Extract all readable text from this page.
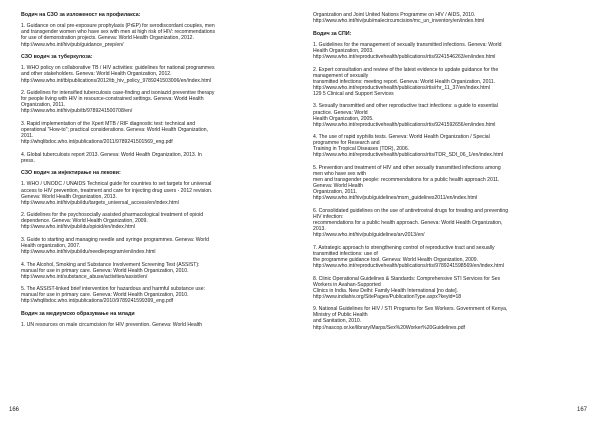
Водич на СЗО за изложеност на профилакса:

1. Guidance on oral pre-exposure prophylaxis (PrEP) for serodiscordant couples, men
and transgender women who have sex with men at high risk of HIV: recommendations
for use of demonstration projects. Geneva: World Health Organization, 2012.
http://www.who.int/hiv/pub/guidance_prep/en/

СЗО водич за туберкулоза:

1. WHO policy on collaborative TB / HIV activities: guidelines for national programmes
and other stakeholders. Geneva: World Health Organization, 2012.
http://www.who.int/tb/publications/2012/tb_hiv_policy_9789241503006/en/index.html

2. Guidelines for intensified tuberculosis case-finding and isoniazid preventive therapy
for people living with HIV in resource-constrained settings. Geneva: World Health
Organization, 2011.
http://www.who.int/hiv/pub/tb/9789241500708/en/

3. Rapid implementation of the Xpert MTB / RIF diagnostic test: technical and
operational "How-to"; practical considerations. Geneva: World Health Organization,
2011.
http://whqlibdoc.who.int/publications/2011/9789241501569_eng.pdf

4. Global tuberculosis report 2013. Geneva: World Health Organization, 2013. In
press.

СЗО водич за инјектирање на лекови:

1. WHO / UNODC / UNAIDS Technical guide for countries to set targets for universal
access to HIV prevention, treatment and care for injecting drug users - 2012 revision.
Geneva: World Health Organization, 2013.
http://www.who.int/hiv/pub/idu/targets_universal_access/en/index.html

2. Guidelines for the psychosocially assisted pharmacological treatment of opioid
dependence. Geneva: World Health Organization, 2009.
http://www.who.int/hiv/pub/idu/opioid/en/index.html

3. Guide to starting and managing needle and syringe programmes. Geneva: World
Health organization, 2007.
http://www.who.int/hiv/pub/idu/needleprogram/en/index.html

4. The Alcohol, Smoking and Substance Involvement Screening Test (ASSIST):
manual for use in primary care. Geneva: World Health Organization, 2010.
http://www.who.int/substance_abuse/activities/assist/en/

5. The ASSIST-linked brief intervention for hazardous and harmful substance use:
manual for use in primary care. Geneva: World Health Organization, 2010.
http://whqlibdoc.who.int/publications/2010/9789241599399_eng.pdf

Водич за медиумско образување на млади

1. UN resources on male circumcision for HIV prevention. Geneva: World Health

166

Organization and Joint United Nations Programme on HIV / AIDS, 2010.
http://www.who.int/hiv/pub/malecircumcision/mc_un_inventory/en/index.html

Водич за СПИ:

1. Guidelines for the management of sexually transmitted infections. Geneva: World
Health Organization, 2003.
http://www.who.int/reproductivehealth/publications/rtis/9241546263/en/index.html

2. Expert consultation and review of the latest evidence to update guidance for the
management of sexually
transmitted infections: meeting report. Geneva: World Health Organization, 2011.
http://www.who.int/reproductivehealth/publications/rtis/rhr_11_37/en/index.html
129 5 Clinical and Support Services

3. Sexually transmitted and other reproductive tract infections: a guide to essential
practice. Geneva: World
Health Organization, 2005.
http://www.who.int/reproductivehealth/publications/rtis/9241592656/en/index.html

4. The use of rapid syphilis tests. Geneva: World Health Organization / Special
programme for Research and
Training in Tropical Diseases (TDR), 2006.
http://www.who.int/reproductivehealth/publications/rtis/TDR_SDI_06_1/en/index.html

5. Prevention and treatment of HIV and other sexually transmitted infections among
men who have sex with
men and transgender people: recommendations for a public health approach 2011.
Geneva: World Health
Organization, 2011.
http://www.who.int/hiv/pub/guidelines/msm_guidelines2011/en/index.html

6. Consolidated guidelines on the use of antiretroviral drugs for treating and preventing
HIV infection:
recommendations for a public health approach. Geneva: World Health Organization,
2013.
http://www.who.int/hiv/pub/guidelines/arv2013/en/

7. Astrategic approach to strengthening control of reproductive tract and sexually
transmitted infections: use of
the programme guidance tool. Geneva: World Health Organization, 2009.
http://www.who.int/reproductivehealth/publications/rtis/9789241598569/en/index.html

8. Clinic Operational Guidelines & Standards: Comprehensive STI Services for Sex
Workers in Avahan-Supported
Clinics in India. New Delhi: Family Health International [no date].
http://www.indiahiv.org/SitePages/PublicationType.aspx?keyid=18

9. National Guidelines for HIV / STI Programs for Sex Workers. Government of Kenya,
Ministry of Public Health
and Sanitation, 2010.
http://nascop.or.ke/library/Marps/Sex%20Worker%20Guidelines.pdf

167
